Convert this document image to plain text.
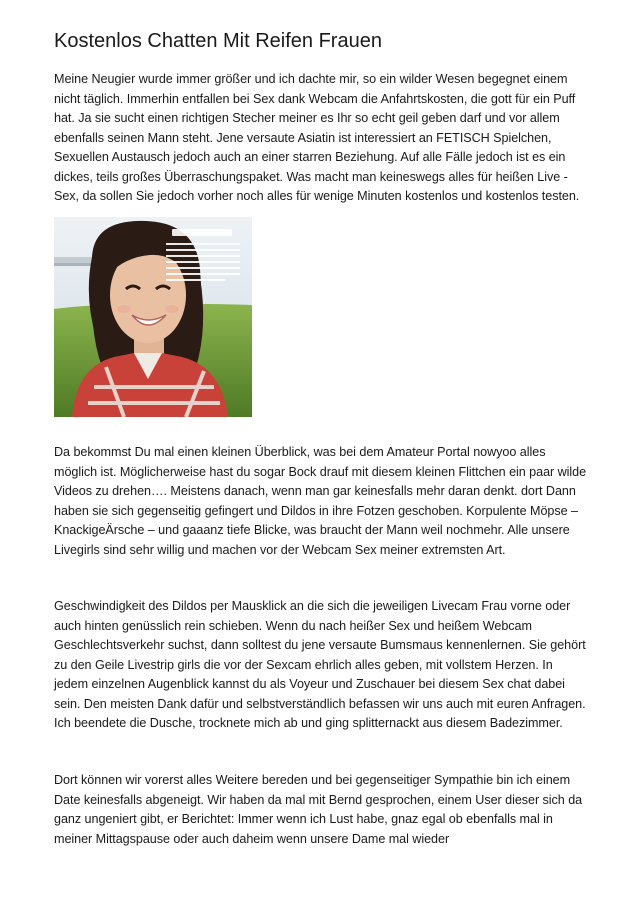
Kostenlos Chatten Mit Reifen Frauen

Meine Neugier wurde immer größer und ich dachte mir, so ein wilder Wesen begegnet einem nicht täglich. Immerhin entfallen bei Sex dank Webcam die Anfahrtskosten, die gott für ein Puff hat. Ja sie sucht einen richtigen Stecher meiner es Ihr so echt geil geben darf und vor allem ebenfalls seinen Mann steht. Jene versaute Asiatin ist interessiert an FETISCH Spielchen, Sexuellen Austausch jedoch auch an einer starren Beziehung. Auf alle Fälle jedoch ist es ein dickes, teils großes Überraschungspaket. Was macht man keineswegs alles für heißen Live - Sex, da sollen Sie jedoch vorher noch alles für wenige Minuten kostenlos und kostenlos testen.

Da bekommst Du mal einen kleinen Überblick, was bei dem Amateur Portal nowyoo alles möglich ist. Möglicherweise hast du sogar Bock drauf mit diesem kleinen Flittchen ein paar wilde Videos zu drehen…. Meistens danach, wenn man gar keinesfalls mehr daran denkt. dort Dann haben sie sich gegenseitig gefingert und Dildos in ihre Fotzen geschoben. Korpulente Möpse – KnackigeÄrsche – und gaaanz tiefe Blicke, was braucht der Mann weil nochmehr. Alle unsere Livegirls sind sehr willig und machen vor der Webcam Sex meiner extremsten Art.

Geschwindigkeit des Dildos per Mausklick an die sich die jeweiligen Livecam Frau vorne oder auch hinten genüsslich rein schieben. Wenn du nach heißer Sex und heißem Webcam Geschlechtsverkehr suchst, dann solltest du jene versaute Bumsmaus kennenlernen. Sie gehört zu den Geile Livestrip girls die vor der Sexcam ehrlich alles geben, mit vollstem Herzen. In jedem einzelnen Augenblick kannst du als Voyeur und Zuschauer bei diesem Sex chat dabei sein. Den meisten Dank dafür und selbstverständlich befassen wir uns auch mit euren Anfragen. Ich beendete die Dusche, trocknete mich ab und ging splitternackt aus diesem Badezimmer.

Dort können wir vorerst alles Weitere bereden und bei gegenseitiger Sympathie bin ich einem Date keinesfalls abgeneigt. Wir haben da mal mit Bernd gesprochen, einem User dieser sich da ganz ungeniert gibt, er Berichtet: Immer wenn ich Lust habe, gnaz egal ob ebenfalls mal in meiner Mittagspause oder auch daheim wenn unsere Dame mal wieder
